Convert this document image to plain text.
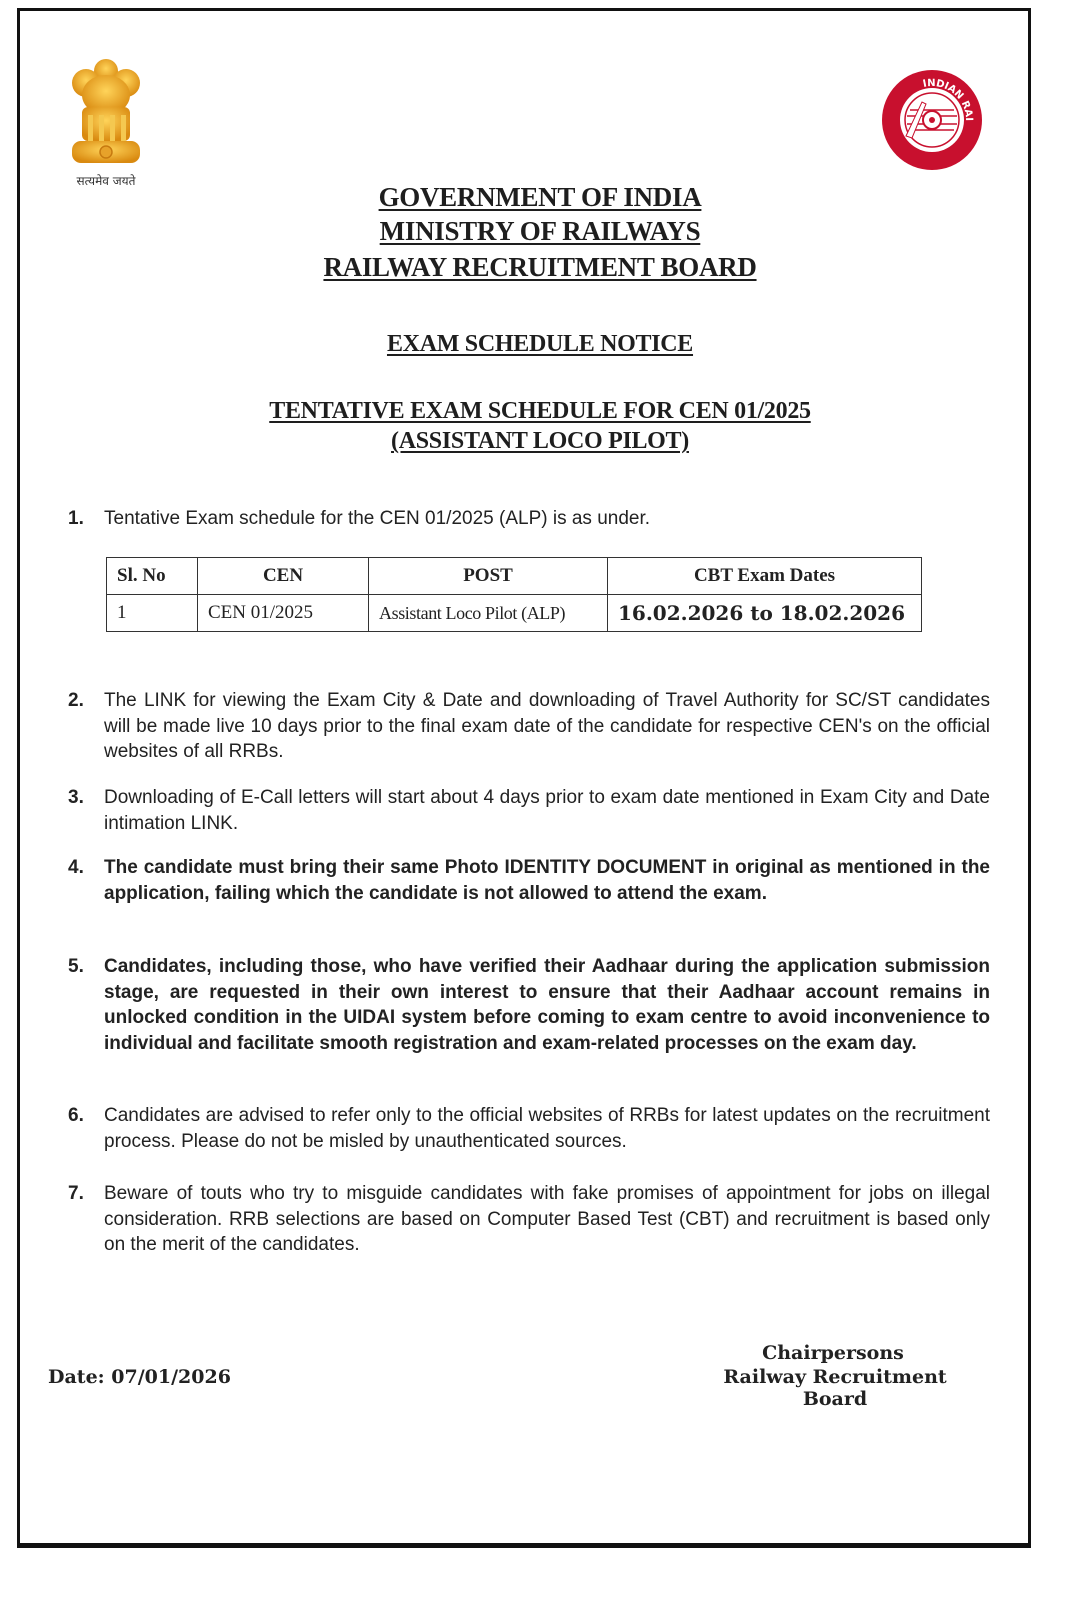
सत्यमेव जयते
INDIAN RAI
GOVERNMENT OF INDIA
MINISTRY OF RAILWAYS
RAILWAY RECRUITMENT BOARD
EXAM SCHEDULE NOTICE
TENTATIVE EXAM SCHEDULE FOR CEN 01/2025
(ASSISTANT LOCO PILOT)
1. Tentative Exam schedule for the CEN 01/2025 (ALP) is as under.
Sl. No	CEN	POST	CBT Exam Dates
1	CEN 01/2025	Assistant Loco Pilot (ALP)	16.02.2026 to 18.02.2026
2. The LINK for viewing the Exam City & Date and downloading of Travel Authority for SC/ST candidates will be made live 10 days prior to the final exam date of the candidate for respective CEN's on the official websites of all RRBs.
3. Downloading of E-Call letters will start about 4 days prior to exam date mentioned in Exam City and Date intimation LINK.
4. The candidate must bring their same Photo IDENTITY DOCUMENT in original as mentioned in the application, failing which the candidate is not allowed to attend the exam.
5. Candidates, including those, who have verified their Aadhaar during the application submission stage, are requested in their own interest to ensure that their Aadhaar account remains in unlocked condition in the UIDAI system before coming to exam centre to avoid inconvenience to individual and facilitate smooth registration and exam-related processes on the exam day.
6. Candidates are advised to refer only to the official websites of RRBs for latest updates on the recruitment process. Please do not be misled by unauthenticated sources.
7. Beware of touts who try to misguide candidates with fake promises of appointment for jobs on illegal consideration. RRB selections are based on Computer Based Test (CBT) and recruitment is based only on the merit of the candidates.
Date: 07/01/2026
Chairpersons
Railway Recruitment Board
